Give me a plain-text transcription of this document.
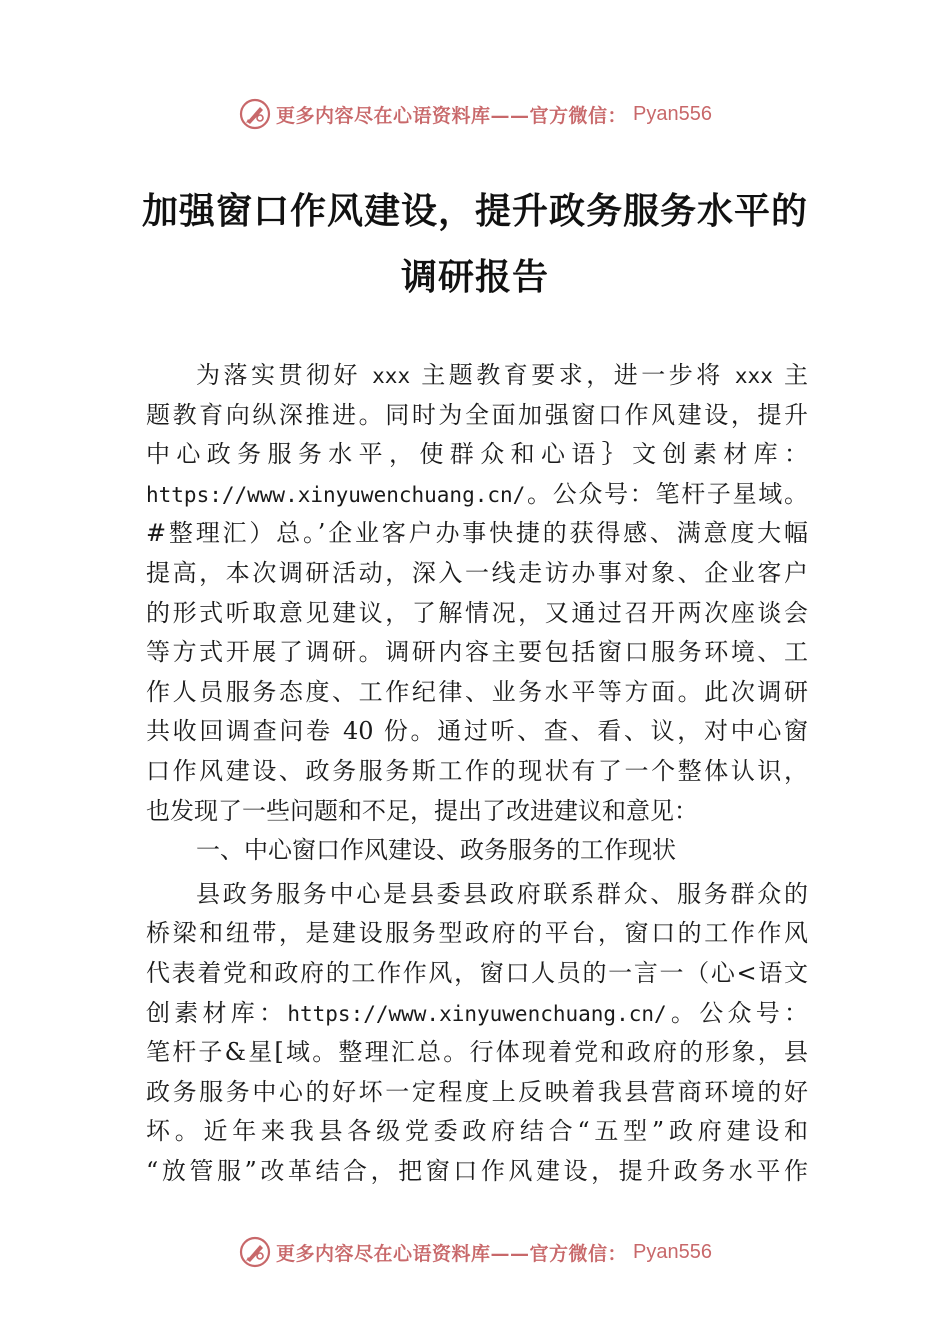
更多内容尽在心语资料库——官方微信： Pyan556
加强窗口作风建设，提升政务服务水平的
调研报告
为落实贯彻好 xxx 主题教育要求，进一步将 xxx 主
题教育向纵深推进。同时为全面加强窗口作风建设，提升
中心政务服务水平，使群众和心语｝文创素材库：
https://www.xinyuwenchuang.cn/。公众号：笔杆子星域。
#整理汇）总。’企业客户办事快捷的获得感、满意度大幅
提高，本次调研活动，深入一线走访办事对象、企业客户
的形式听取意见建议，了解情况，又通过召开两次座谈会
等方式开展了调研。调研内容主要包括窗口服务环境、工
作人员服务态度、工作纪律、业务水平等方面。此次调研
共收回调查问卷 40 份。通过听、查、看、议，对中心窗
口作风建设、政务服务斯工作的现状有了一个整体认识，
也发现了一些问题和不足，提出了改进建议和意见：
一、中心窗口作风建设、政务服务的工作现状
县政务服务中心是县委县政府联系群众、服务群众的
桥梁和纽带，是建设服务型政府的平台，窗口的工作作风
代表着党和政府的工作作风，窗口人员的一言一（心<语文
创素材库：https://www.xinyuwenchuang.cn/。公众号：
笔杆子&星[域。整理汇总。行体现着党和政府的形象，县
政务服务中心的好坏一定程度上反映着我县营商环境的好
坏。近年来我县各级党委政府结合“五型”政府建设和
“放管服”改革结合，把窗口作风建设，提升政务水平作
更多内容尽在心语资料库——官方微信： Pyan556
